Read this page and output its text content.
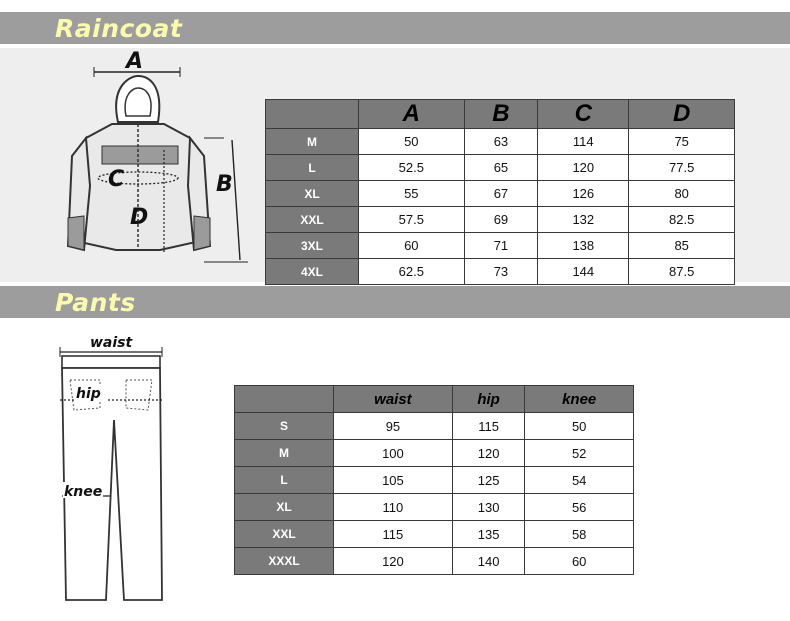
Raincoat
A
C
D
B
	A	B	C	D
M	50	63	114	75
L	52.5	65	120	77.5
XL	55	67	126	80
XXL	57.5	69	132	82.5
3XL	60	71	138	85
4XL	62.5	73	144	87.5
Pants
waist
hip
knee
	waist	hip	knee
S	95	115	50
M	100	120	52
L	105	125	54
XL	110	130	56
XXL	115	135	58
XXXL	120	140	60
